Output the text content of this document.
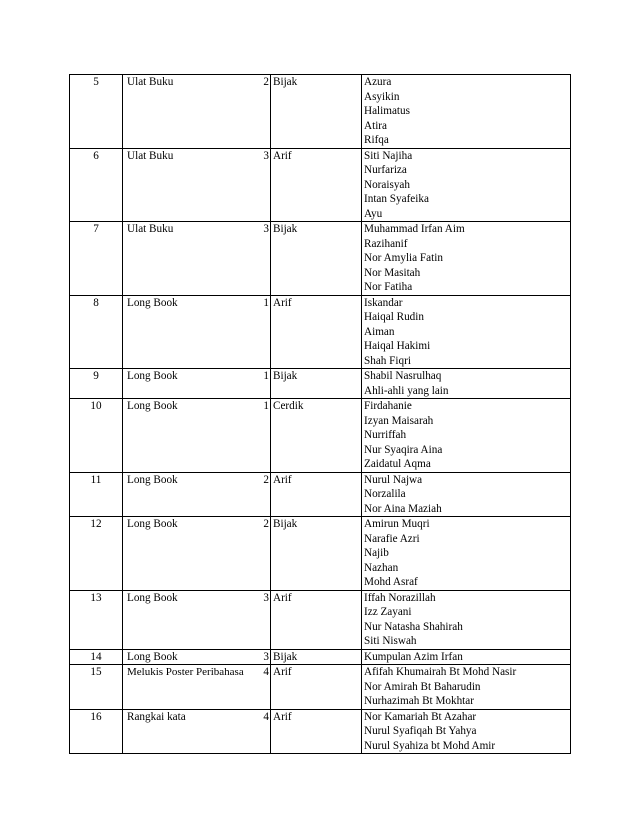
5	Ulat Buku	2	Bijak	Azura
Asyikin
Halimatus
Atira
Rifqa

6	Ulat Buku	3	Arif	Siti Najiha
Nurfariza
Noraisyah
Intan Syafeika
Ayu

7	Ulat Buku	3	Bijak	Muhammad Irfan Aim
Razihanif
Nor Amylia Fatin
Nor Masitah
Nor Fatiha

8	Long Book	1	Arif	Iskandar
Haiqal Rudin
Aiman
Haiqal Hakimi
Shah Fiqri

9	Long Book	1	Bijak	Shabil Nasrulhaq
Ahli-ahli yang lain

10	Long Book	1	Cerdik	Firdahanie
Izyan Maisarah
Nurriffah
Nur Syaqira Aina
Zaidatul Aqma

11	Long Book	2	Arif	Nurul Najwa
Norzalila
Nor Aina Maziah

12	Long Book	2	Bijak	Amirun Muqri
Narafie Azri
Najib
Nazhan
Mohd Asraf

13	Long Book	3	Arif	Iffah Norazillah
Izz Zayani
Nur Natasha Shahirah
Siti Niswah

14	Long Book	3	Bijak	Kumpulan Azim Irfan

15	Melukis Poster Peribahasa	4	Arif	Afifah Khumairah Bt Mohd Nasir
Nor Amirah Bt Baharudin
Nurhazimah Bt Mokhtar

16	Rangkai kata	4	Arif	Nor Kamariah Bt Azahar
Nurul Syafiqah Bt Yahya
Nurul Syahiza bt Mohd Amir
